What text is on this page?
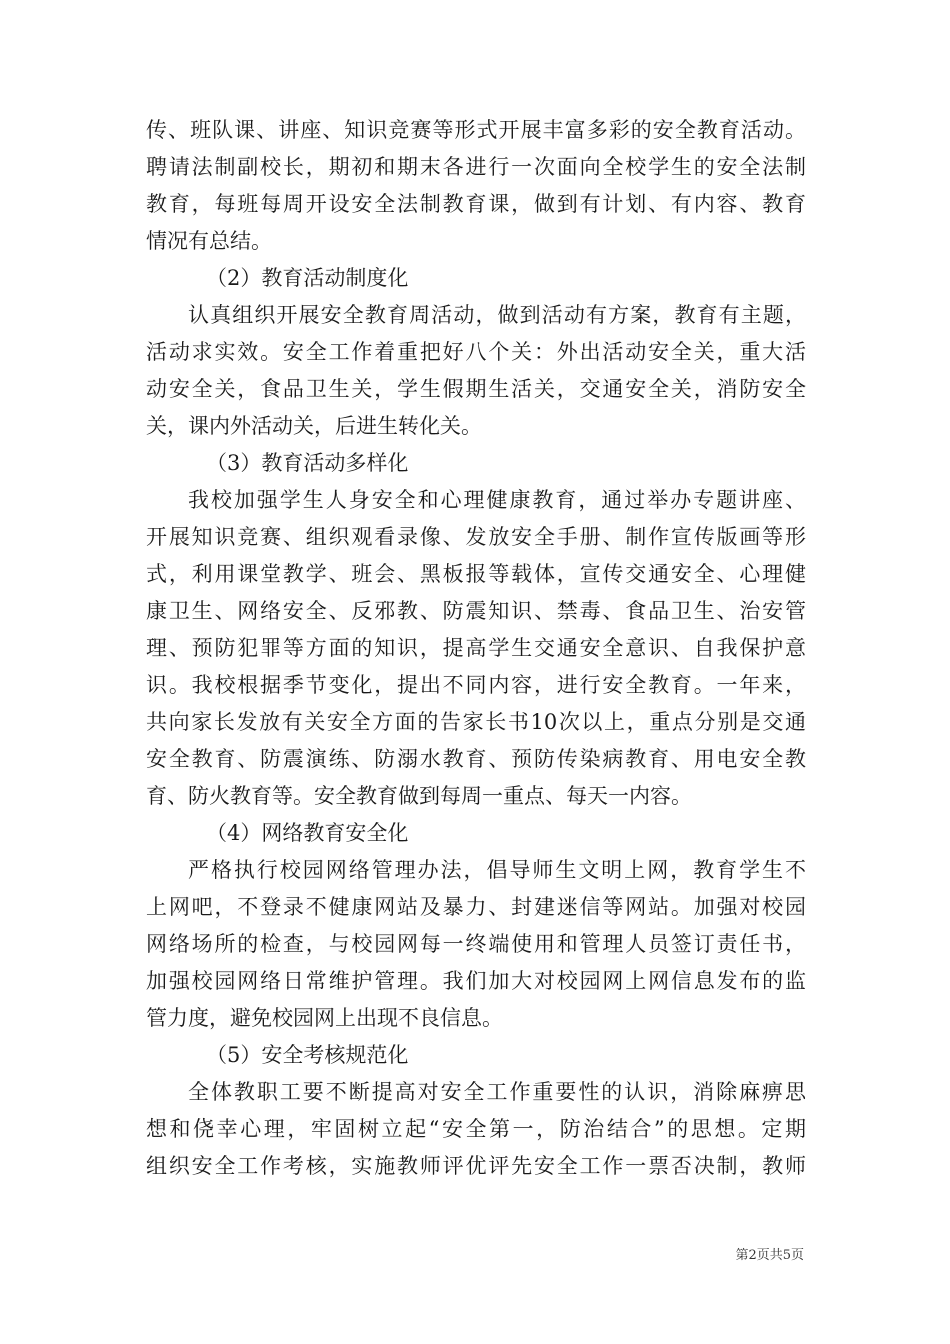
传、班队课、讲座、知识竞赛等形式开展丰富多彩的安全教育活动。
聘请法制副校长，期初和期末各进行一次面向全校学生的安全法制
教育，每班每周开设安全法制教育课，做到有计划、有内容、教育
情况有总结。
（2）教育活动制度化
认真组织开展安全教育周活动，做到活动有方案，教育有主题，
活动求实效。安全工作着重把好八个关：外出活动安全关，重大活
动安全关，食品卫生关，学生假期生活关，交通安全关，消防安全
关，课内外活动关，后进生转化关。
（3）教育活动多样化
我校加强学生人身安全和心理健康教育，通过举办专题讲座、
开展知识竞赛、组织观看录像、发放安全手册、制作宣传版画等形
式，利用课堂教学、班会、黑板报等载体，宣传交通安全、心理健
康卫生、网络安全、反邪教、防震知识、禁毒、食品卫生、治安管
理、预防犯罪等方面的知识，提高学生交通安全意识、自我保护意
识。我校根据季节变化，提出不同内容，进行安全教育。一年来，
共向家长发放有关安全方面的告家长书10次以上，重点分别是交通
安全教育、防震演练、防溺水教育、预防传染病教育、用电安全教
育、防火教育等。安全教育做到每周一重点、每天一内容。
（4）网络教育安全化
严格执行校园网络管理办法，倡导师生文明上网，教育学生不
上网吧，不登录不健康网站及暴力、封建迷信等网站。加强对校园
网络场所的检查，与校园网每一终端使用和管理人员签订责任书，
加强校园网络日常维护管理。我们加大对校园网上网信息发布的监
管力度，避免校园网上出现不良信息。
（5）安全考核规范化
全体教职工要不断提高对安全工作重要性的认识，消除麻痹思
想和侥幸心理，牢固树立起“安全第一，防治结合”的思想。定期
组织安全工作考核，实施教师评优评先安全工作一票否决制，教师
第2页共5页
